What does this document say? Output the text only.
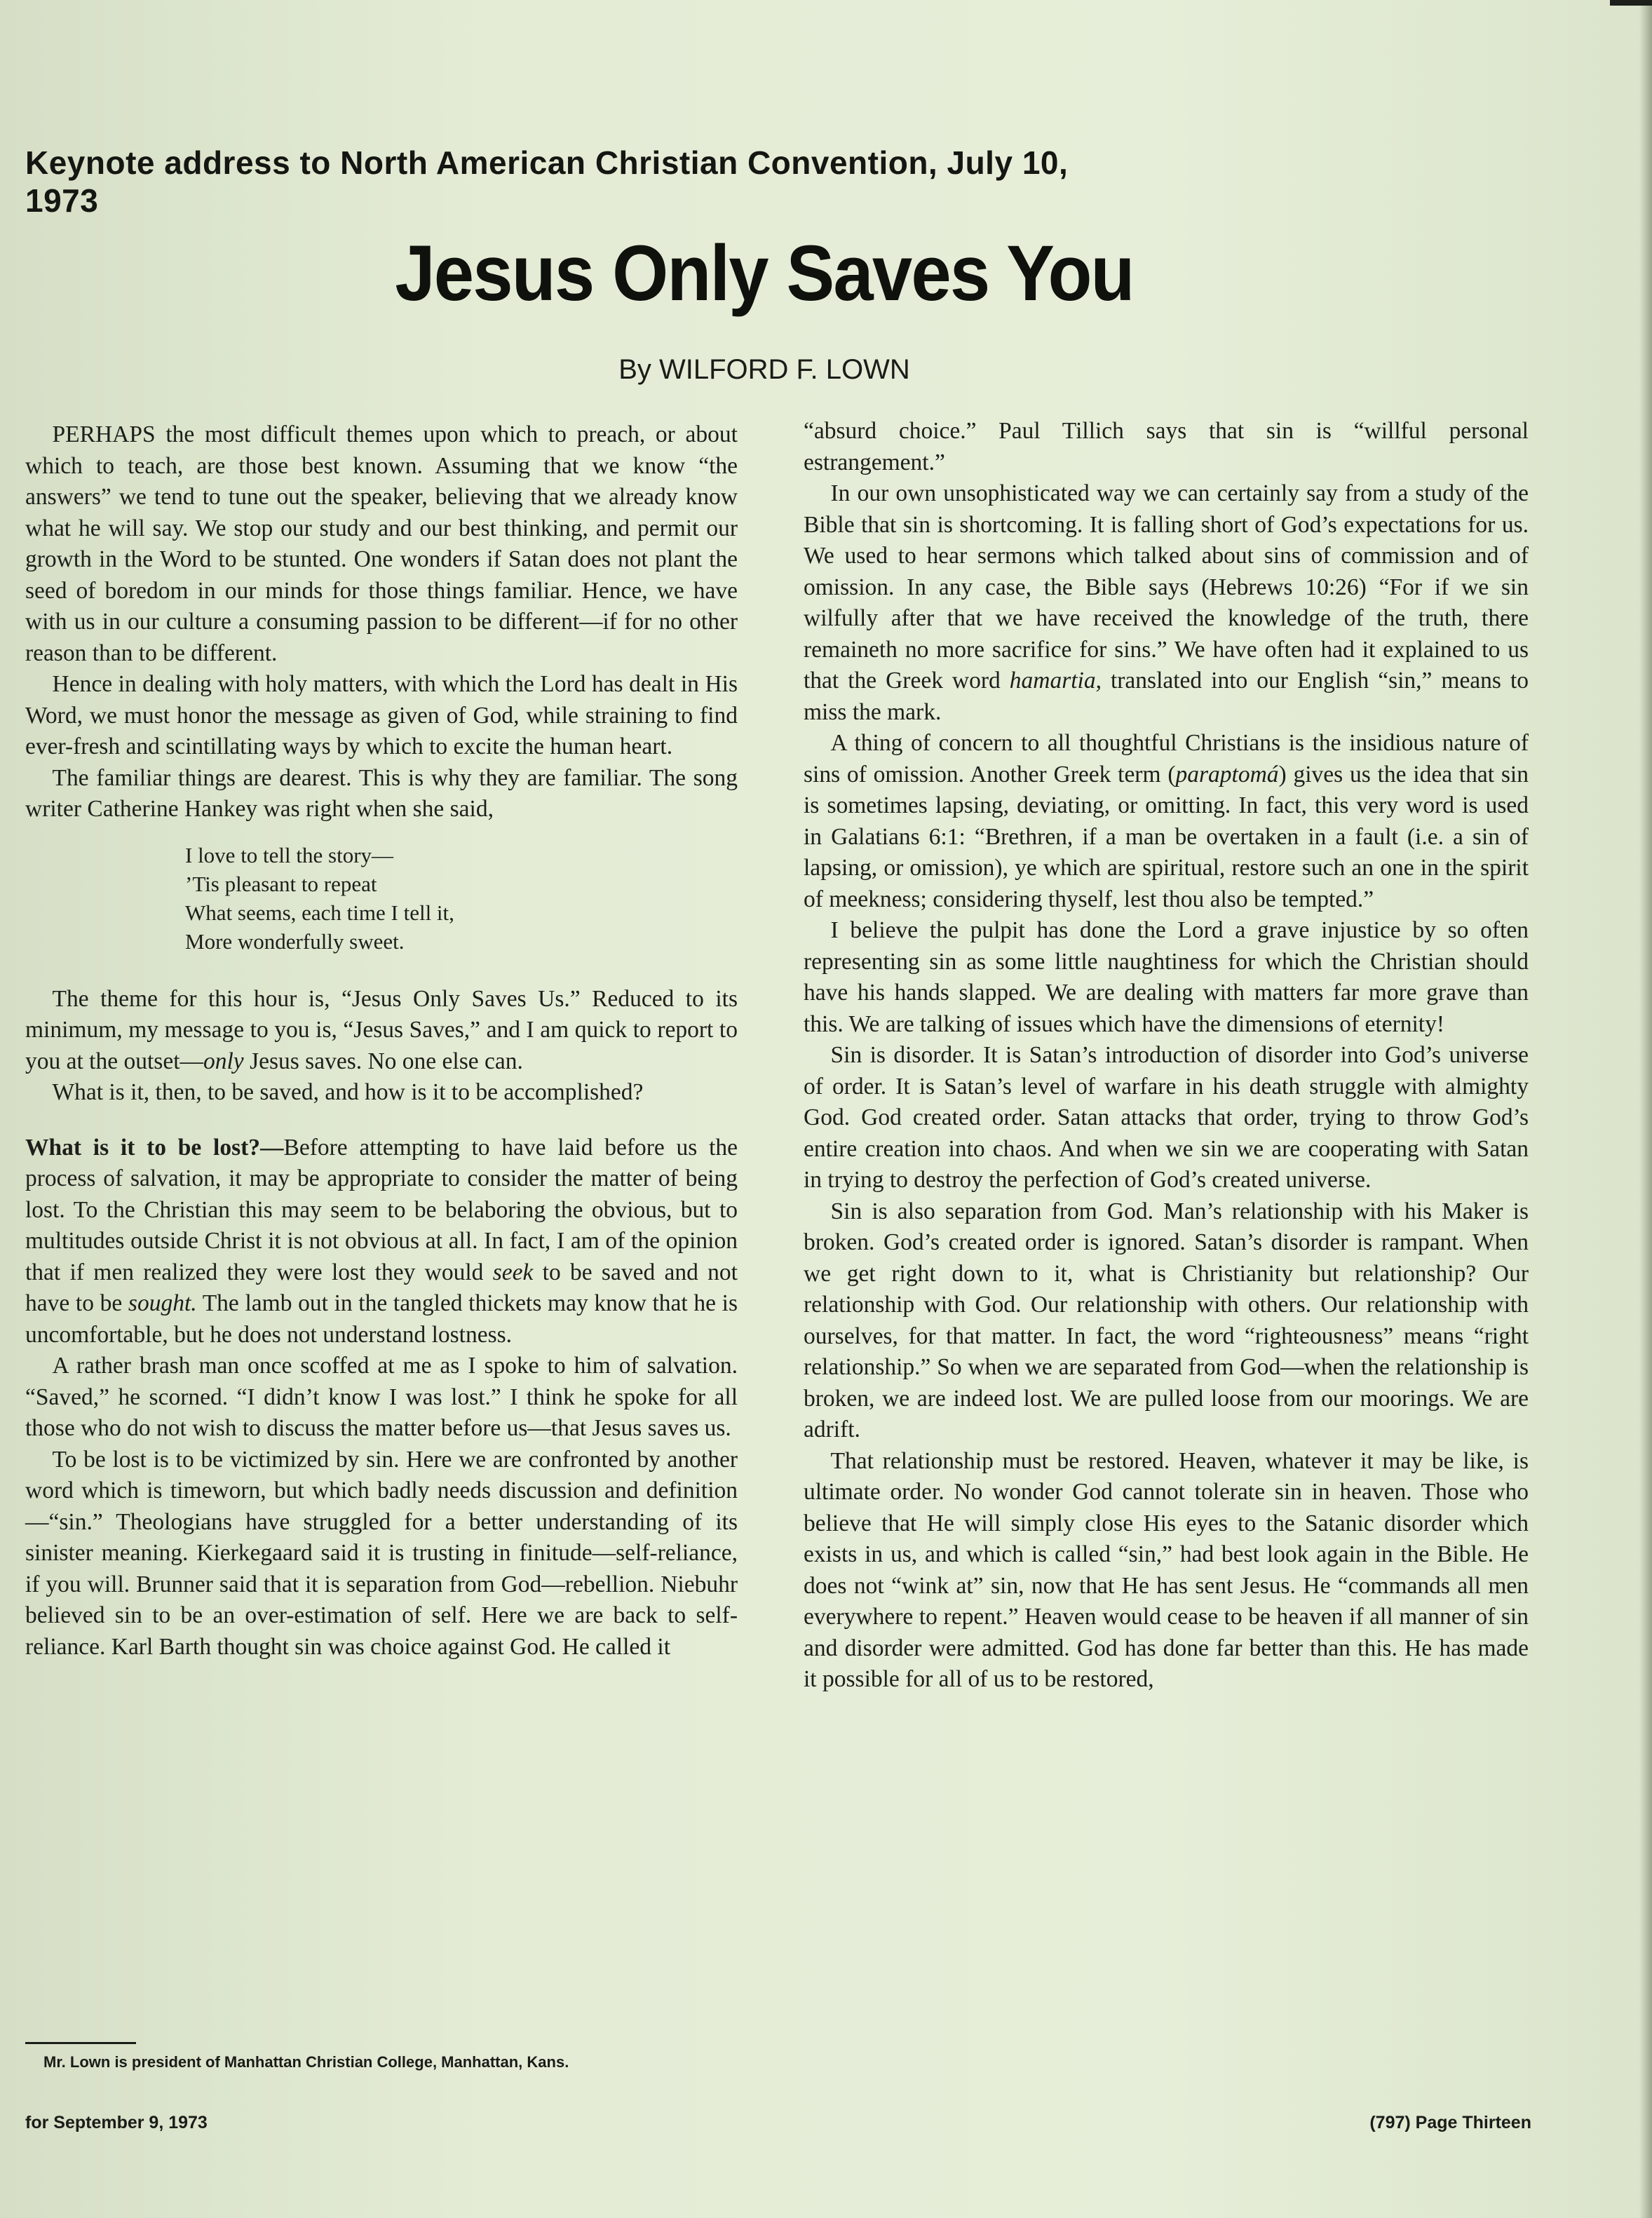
Keynote address to North American Christian Convention, July 10, 1973
Jesus Only Saves You
By WILFORD F. LOWN

PERHAPS the most difficult themes upon which to preach, or about which to teach, are those best known. Assuming that we know “the answers” we tend to tune out the speaker, believing that we already know what he will say. We stop our study and our best thinking, and permit our growth in the Word to be stunted. One wonders if Satan does not plant the seed of boredom in our minds for those things familiar. Hence, we have with us in our culture a consuming passion to be different—if for no other reason than to be different.

Hence in dealing with holy matters, with which the Lord has dealt in His Word, we must honor the message as given of God, while straining to find ever-fresh and scintillating ways by which to excite the human heart.

The familiar things are dearest. This is why they are familiar. The song writer Catherine Hankey was right when she said,

I love to tell the story—
’Tis pleasant to repeat
What seems, each time I tell it,
More wonderfully sweet.

The theme for this hour is, “Jesus Only Saves Us.” Reduced to its minimum, my message to you is, “Jesus Saves,” and I am quick to report to you at the outset—only Jesus saves. No one else can.

What is it, then, to be saved, and how is it to be accomplished?

What is it to be lost?—Before attempting to have laid before us the process of salvation, it may be appropriate to consider the matter of being lost. To the Christian this may seem to be belaboring the obvious, but to multitudes outside Christ it is not obvious at all. In fact, I am of the opinion that if men realized they were lost they would seek to be saved and not have to be sought. The lamb out in the tangled thickets may know that he is uncomfortable, but he does not understand lostness.

A rather brash man once scoffed at me as I spoke to him of salvation. “Saved,” he scorned. “I didn’t know I was lost.” I think he spoke for all those who do not wish to discuss the matter before us—that Jesus saves us.

To be lost is to be victimized by sin. Here we are confronted by another word which is timeworn, but which badly needs discussion and definition—“sin.” Theologians have struggled for a better understanding of its sinister meaning. Kierkegaard said it is trusting in finitude—self-reliance, if you will. Brunner said that it is separation from God—rebellion. Niebuhr believed sin to be an over-estimation of self. Here we are back to self-reliance. Karl Barth thought sin was choice against God. He called it

“absurd choice.” Paul Tillich says that sin is “willful personal estrangement.”

In our own unsophisticated way we can certainly say from a study of the Bible that sin is shortcoming. It is falling short of God’s expectations for us. We used to hear sermons which talked about sins of commission and of omission. In any case, the Bible says (Hebrews 10:26) “For if we sin wilfully after that we have received the knowledge of the truth, there remaineth no more sacrifice for sins.” We have often had it explained to us that the Greek word hamartia, translated into our English “sin,” means to miss the mark.

A thing of concern to all thoughtful Christians is the insidious nature of sins of omission. Another Greek term (paraptomá) gives us the idea that sin is sometimes lapsing, deviating, or omitting. In fact, this very word is used in Galatians 6:1: “Brethren, if a man be overtaken in a fault (i.e. a sin of lapsing, or omission), ye which are spiritual, restore such an one in the spirit of meekness; considering thyself, lest thou also be tempted.”

I believe the pulpit has done the Lord a grave injustice by so often representing sin as some little naughtiness for which the Christian should have his hands slapped. We are dealing with matters far more grave than this. We are talking of issues which have the dimensions of eternity!

Sin is disorder. It is Satan’s introduction of disorder into God’s universe of order. It is Satan’s level of warfare in his death struggle with almighty God. God created order. Satan attacks that order, trying to throw God’s entire creation into chaos. And when we sin we are cooperating with Satan in trying to destroy the perfection of God’s created universe.

Sin is also separation from God. Man’s relationship with his Maker is broken. God’s created order is ignored. Satan’s disorder is rampant. When we get right down to it, what is Christianity but relationship? Our relationship with God. Our relationship with others. Our relationship with ourselves, for that matter. In fact, the word “righteousness” means “right relationship.” So when we are separated from God—when the relationship is broken, we are indeed lost. We are pulled loose from our moorings. We are adrift.

That relationship must be restored. Heaven, whatever it may be like, is ultimate order. No wonder God cannot tolerate sin in heaven. Those who believe that He will simply close His eyes to the Satanic disorder which exists in us, and which is called “sin,” had best look again in the Bible. He does not “wink at” sin, now that He has sent Jesus. He “commands all men everywhere to repent.” Heaven would cease to be heaven if all manner of sin and disorder were admitted. God has done far better than this. He has made it possible for all of us to be restored,

Mr. Lown is president of Manhattan Christian College, Manhattan, Kans.
for September 9, 1973	(797) Page Thirteen
